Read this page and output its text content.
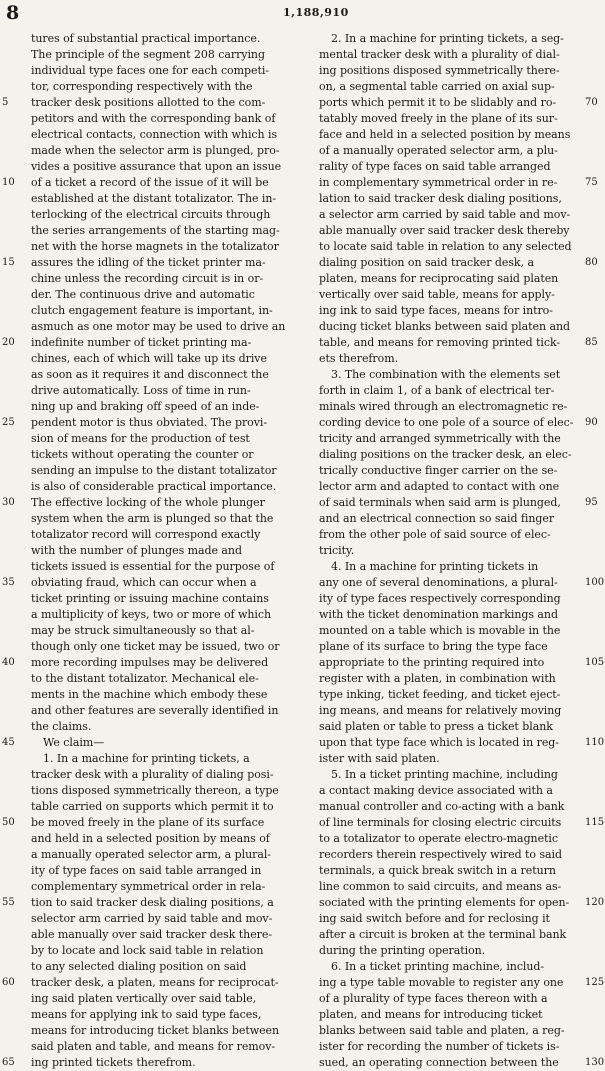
8	1,188,910
tures of substantial practical importance.
The principle of the segment 208 carrying
individual type faces one for each competi-
tor, corresponding respectively with the
tracker desk positions allotted to the com-
petitors and with the corresponding bank of
electrical contacts, connection with which is
made when the selector arm is plunged, pro-
vides a positive assurance that upon an issue
of a ticket a record of the issue of it will be
established at the distant totalizator. The in-
terlocking of the electrical circuits through
the series arrangements of the starting mag-
net with the horse magnets in the totalizator
assures the idling of the ticket printer ma-
chine unless the recording circuit is in or-
der. The continuous drive and automatic
clutch engagement feature is important, in-
asmuch as one motor may be used to drive an
indefinite number of ticket printing ma-
chines, each of which will take up its drive
as soon as it requires it and disconnect the
drive automatically. Loss of time in run-
ning up and braking off speed of an inde-
pendent motor is thus obviated. The provi-
sion of means for the production of test
tickets without operating the counter or
sending an impulse to the distant totalizator
is also of considerable practical importance.
The effective locking of the whole plunger
system when the arm is plunged so that the
totalizator record will correspond exactly
with the number of plunges made and
tickets issued is essential for the purpose of
obviating fraud, which can occur when a
ticket printing or issuing machine contains
a multiplicity of keys, two or more of which
may be struck simultaneously so that al-
though only one ticket may be issued, two or
more recording impulses may be delivered
to the distant totalizator. Mechanical ele-
ments in the machine which embody these
and other features are severally identified in
the claims.
We claim—
1. In a machine for printing tickets, a
tracker desk with a plurality of dialing posi-
tions disposed symmetrically thereon, a type
table carried on supports which permit it to
be moved freely in the plane of its surface
and held in a selected position by means of
a manually operated selector arm, a plural-
ity of type faces on said table arranged in
complementary symmetrical order in rela-
tion to said tracker desk dialing positions, a
selector arm carried by said table and mov-
able manually over said tracker desk there-
by to locate and lock said table in relation
to any selected dialing position on said
tracker desk, a platen, means for reciprocat-
ing said platen vertically over said table,
means for applying ink to said type faces,
means for introducing ticket blanks between
said platen and table, and means for remov-
ing printed tickets therefrom.
2. In a machine for printing tickets, a seg-
mental tracker desk with a plurality of dial-
ing positions disposed symmetrically there-
on, a segmental table carried on axial sup-
ports which permit it to be slidably and ro-
tatably moved freely in the plane of its sur-
face and held in a selected position by means
of a manually operated selector arm, a plu-
rality of type faces on said table arranged
in complementary symmetrical order in re-
lation to said tracker desk dialing positions,
a selector arm carried by said table and mov-
able manually over said tracker desk thereby
to locate said table in relation to any selected
dialing position on said tracker desk, a
platen, means for reciprocating said platen
vertically over said table, means for apply-
ing ink to said type faces, means for intro-
ducing ticket blanks between said platen and
table, and means for removing printed tick-
ets therefrom.
3. The combination with the elements set
forth in claim 1, of a bank of electrical ter-
minals wired through an electromagnetic re-
cording device to one pole of a source of elec-
tricity and arranged symmetrically with the
dialing positions on the tracker desk, an elec-
trically conductive finger carrier on the se-
lector arm and adapted to contact with one
of said terminals when said arm is plunged,
and an electrical connection so said finger
from the other pole of said source of elec-
tricity.
4. In a machine for printing tickets in
any one of several denominations, a plural-
ity of type faces respectively corresponding
with the ticket denomination markings and
mounted on a table which is movable in the
plane of its surface to bring the type face
appropriate to the printing required into
register with a platen, in combination with
type inking, ticket feeding, and ticket eject-
ing means, and means for relatively moving
said platen or table to press a ticket blank
upon that type face which is located in reg-
ister with said platen.
5. In a ticket printing machine, including
a contact making device associated with a
manual controller and co-acting with a bank
of line terminals for closing electric circuits
to a totalizator to operate electro-magnetic
recorders therein respectively wired to said
terminals, a quick break switch in a return
line common to said circuits, and means as-
sociated with the printing elements for open-
ing said switch before and for reclosing it
after a circuit is broken at the terminal bank
during the printing operation.
6. In a ticket printing machine, includ-
ing a type table movable to register any one
of a plurality of type faces thereon with a
platen, and means for introducing ticket
blanks between said table and platen, a reg-
ister for recording the number of tickets is-
sued, an operating connection between the
5
10
15
20
25
30
35
40
45
50
55
60
65
70
75
80
85
90
95
100
105
110
115
120
125
130
